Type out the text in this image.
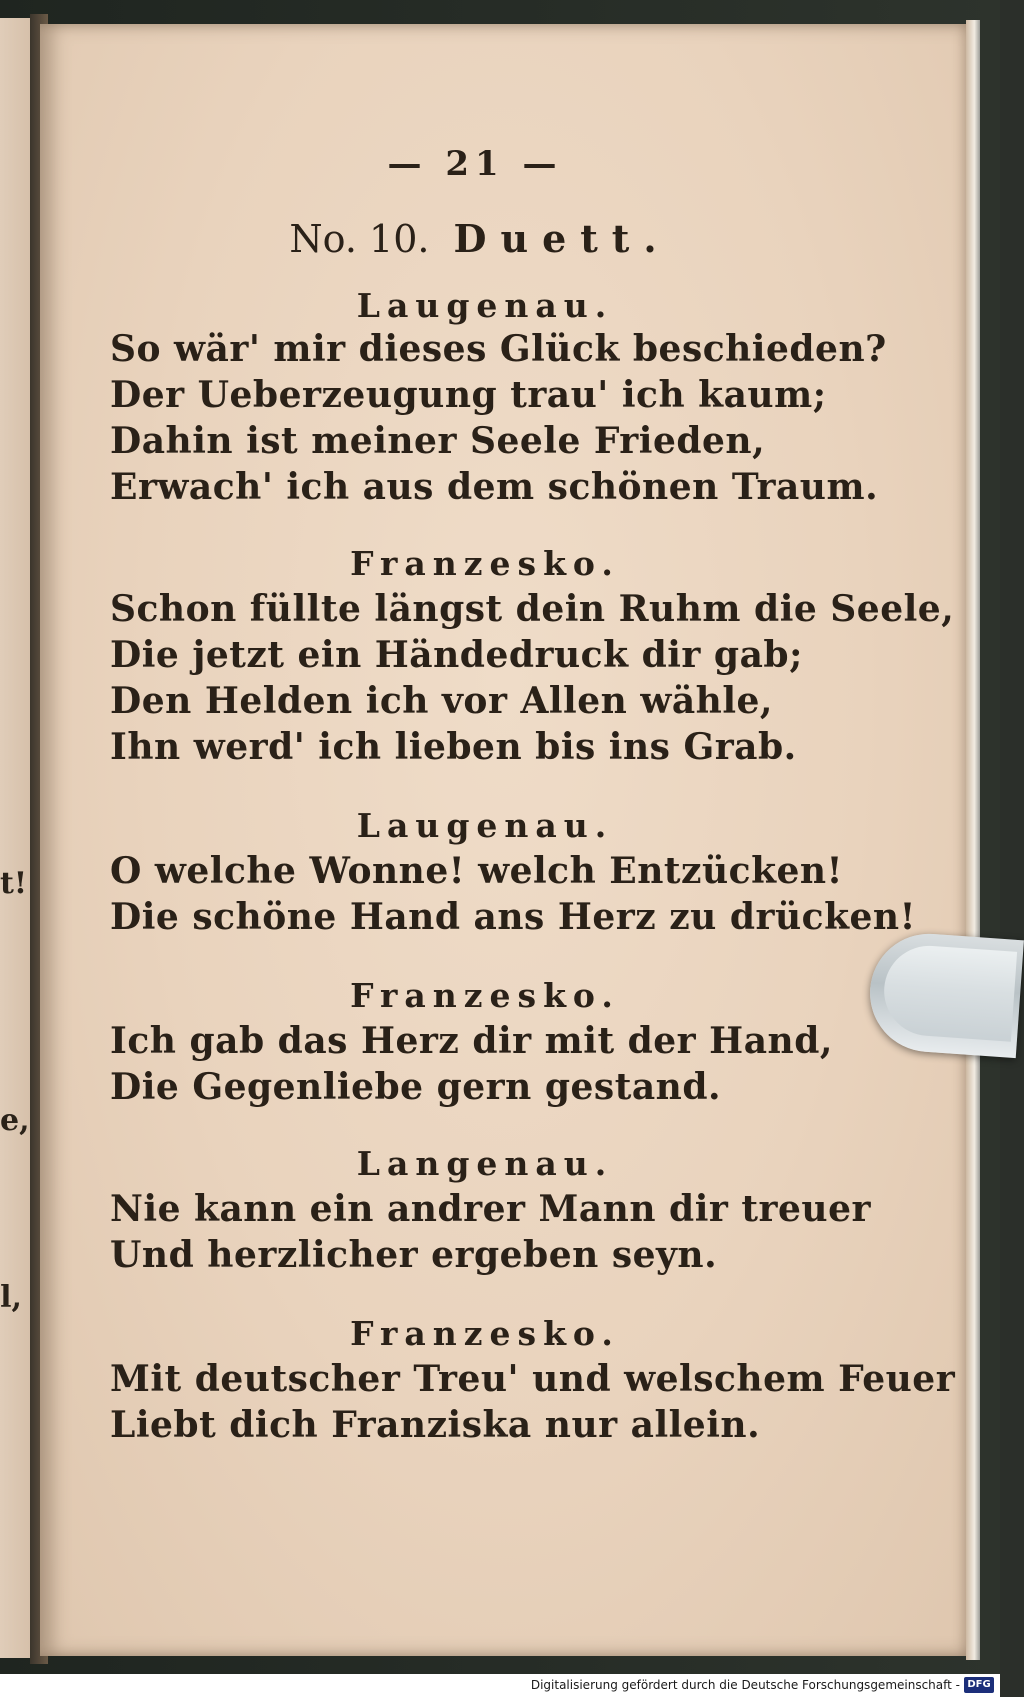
t!
e,
l,
— 21 —
No. 10. Duett.
Laugenau.
So wär' mir dieses Glück beschieden?
Der Ueberzeugung trau' ich kaum;
Dahin ist meiner Seele Frieden,
Erwach' ich aus dem schönen Traum.
Franzesko.
Schon füllte längst dein Ruhm die Seele,
Die jetzt ein Händedruck dir gab;
Den Helden ich vor Allen wähle,
Ihn werd' ich lieben bis ins Grab.
Laugenau.
O welche Wonne! welch Entzücken!
Die schöne Hand ans Herz zu drücken!
Franzesko.
Ich gab das Herz dir mit der Hand,
Die Gegenliebe gern gestand.
Langenau.
Nie kann ein andrer Mann dir treuer
Und herzlicher ergeben seyn.
Franzesko.
Mit deutscher Treu' und welschem Feuer
Liebt dich Franziska nur allein.
Digitalisierung gefördert durch die Deutsche Forschungsgemeinschaft - DFG
